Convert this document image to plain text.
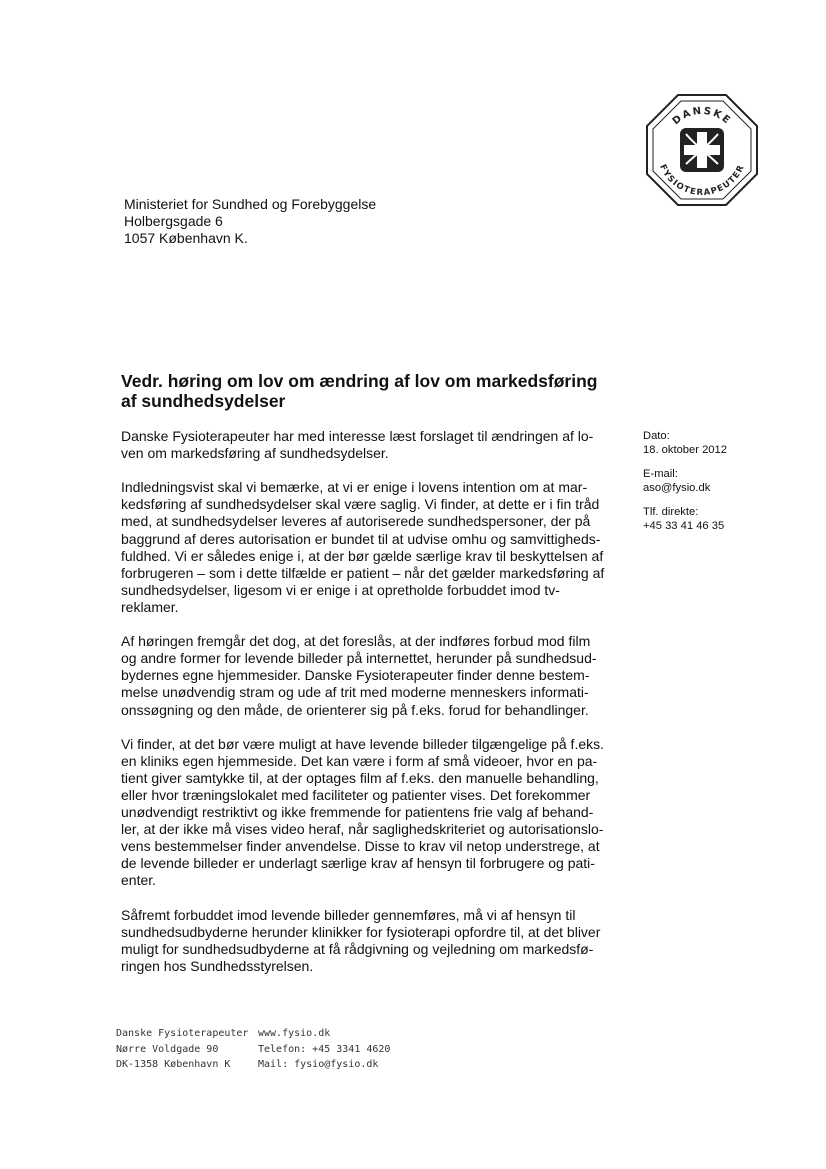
DANSKE
FYSIOTERAPEUTER
Ministeriet for Sundhed og Forebyggelse
Holbergsgade 6
1057 København K.
Vedr. høring om lov om ændring af lov om markedsføring
af sundhedsydelser

Danske Fysioterapeuter har med interesse læst forslaget til ændringen af lo-
ven om markedsføring af sundhedsydelser.

Indledningsvist skal vi bemærke, at vi er enige i lovens intention om at mar-
kedsføring af sundhedsydelser skal være saglig. Vi finder, at dette er i fin tråd
med, at sundhedsydelser leveres af autoriserede sundhedspersoner, der på
baggrund af deres autorisation er bundet til at udvise omhu og samvittigheds-
fuldhed. Vi er således enige i, at der bør gælde særlige krav til beskyttelsen af
forbrugeren – som i dette tilfælde er patient – når det gælder markedsføring af
sundhedsydelser, ligesom vi er enige i at opretholde forbuddet imod tv-
reklamer.

Af høringen fremgår det dog, at det foreslås, at der indføres forbud mod film
og andre former for levende billeder på internettet, herunder på sundhedsud-
bydernes egne hjemmesider. Danske Fysioterapeuter finder denne bestem-
melse unødvendig stram og ude af trit med moderne menneskers informati-
onssøgning og den måde, de orienterer sig på f.eks. forud for behandlinger.

Vi finder, at det bør være muligt at have levende billeder tilgængelige på f.eks.
en kliniks egen hjemmeside. Det kan være i form af små videoer, hvor en pa-
tient giver samtykke til, at der optages film af f.eks. den manuelle behandling,
eller hvor træningslokalet med faciliteter og patienter vises. Det forekommer
unødvendigt restriktivt og ikke fremmende for patientens frie valg af behand-
ler, at der ikke må vises video heraf, når saglighedskriteriet og autorisationslo-
vens bestemmelser finder anvendelse. Disse to krav vil netop understrege, at
de levende billeder er underlagt særlige krav af hensyn til forbrugere og pati-
enter.

Såfremt forbuddet imod levende billeder gennemføres, må vi af hensyn til
sundhedsudbyderne herunder klinikker for fysioterapi opfordre til, at det bliver
muligt for sundhedsudbyderne at få rådgivning og vejledning om markedsfø-
ringen hos Sundhedsstyrelsen.

Dato:
18. oktober 2012
E-mail:
aso@fysio.dk
Tlf. direkte:
+45 33 41 46 35
Danske Fysioterapeuter
Nørre Voldgade 90
DK-1358 København K
www.fysio.dk
Telefon: +45 3341 4620
Mail: fysio@fysio.dk
